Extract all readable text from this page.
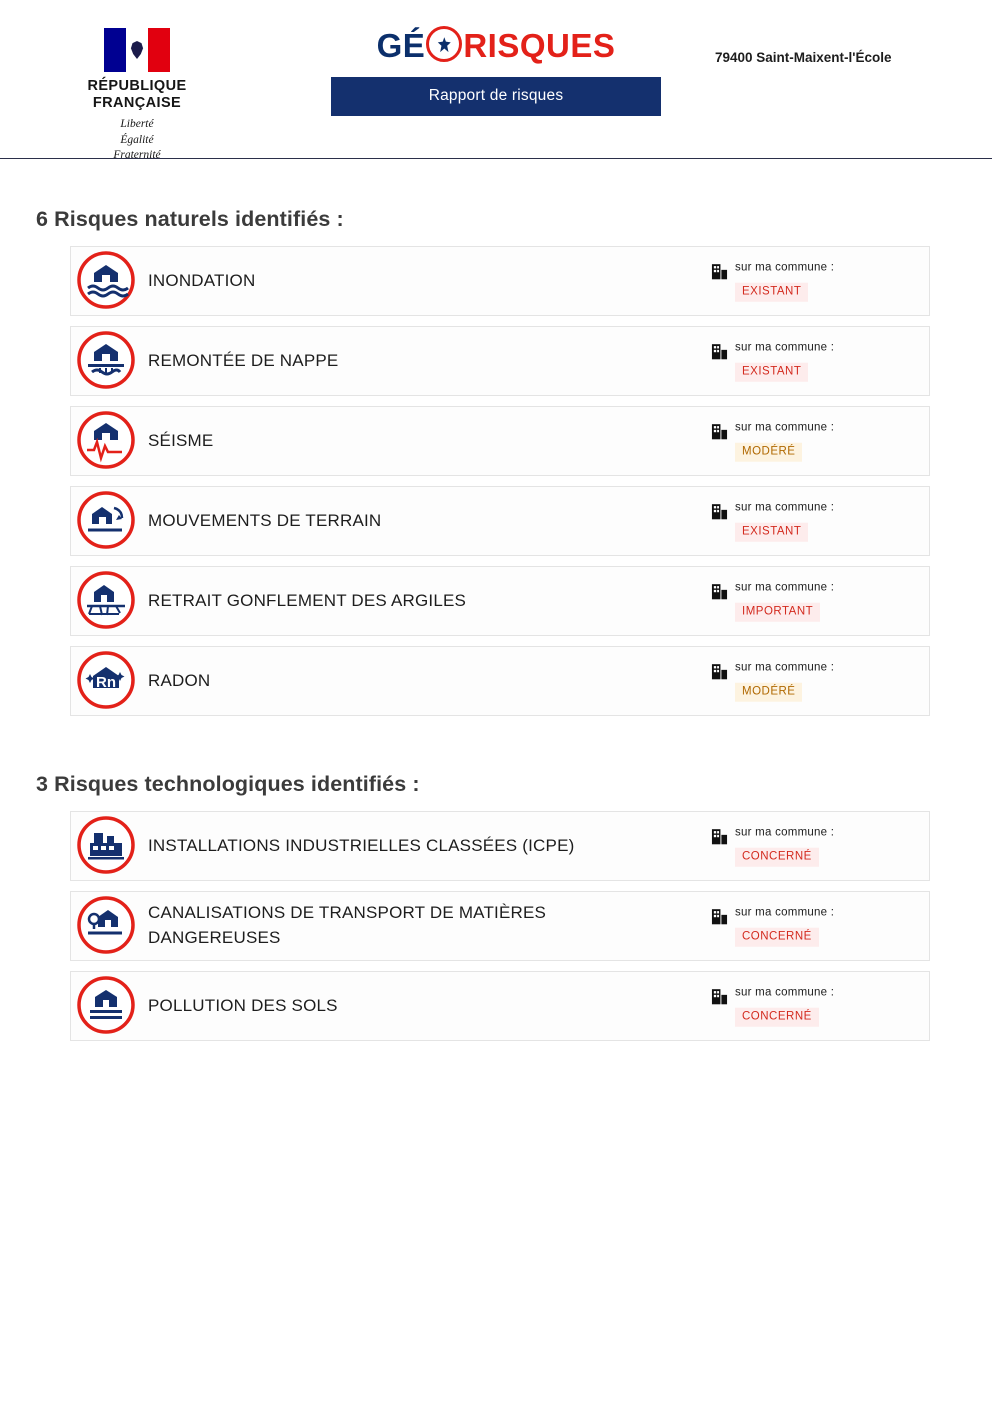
RÉPUBLIQUE
FRANÇAISE
Liberté
Égalité
Fraternité
GÉ RISQUES
Rapport de risques
79400 Saint-Maixent-l'École
6 Risques naturels identifiés :
INONDATION
sur ma commune :
EXISTANT
REMONTÉE DE NAPPE
sur ma commune :
EXISTANT
SÉISME
sur ma commune :
MODÉRÉ
MOUVEMENTS DE TERRAIN
sur ma commune :
EXISTANT
RETRAIT GONFLEMENT DES ARGILES
sur ma commune :
IMPORTANT
Rn RADON
sur ma commune :
MODÉRÉ
3 Risques technologiques identifiés :
INSTALLATIONS INDUSTRIELLES CLASSÉES (ICPE)
sur ma commune :
CONCERNÉ
CANALISATIONS DE TRANSPORT DE MATIÈRES DANGEREUSES
sur ma commune :
CONCERNÉ
POLLUTION DES SOLS
sur ma commune :
CONCERNÉ
